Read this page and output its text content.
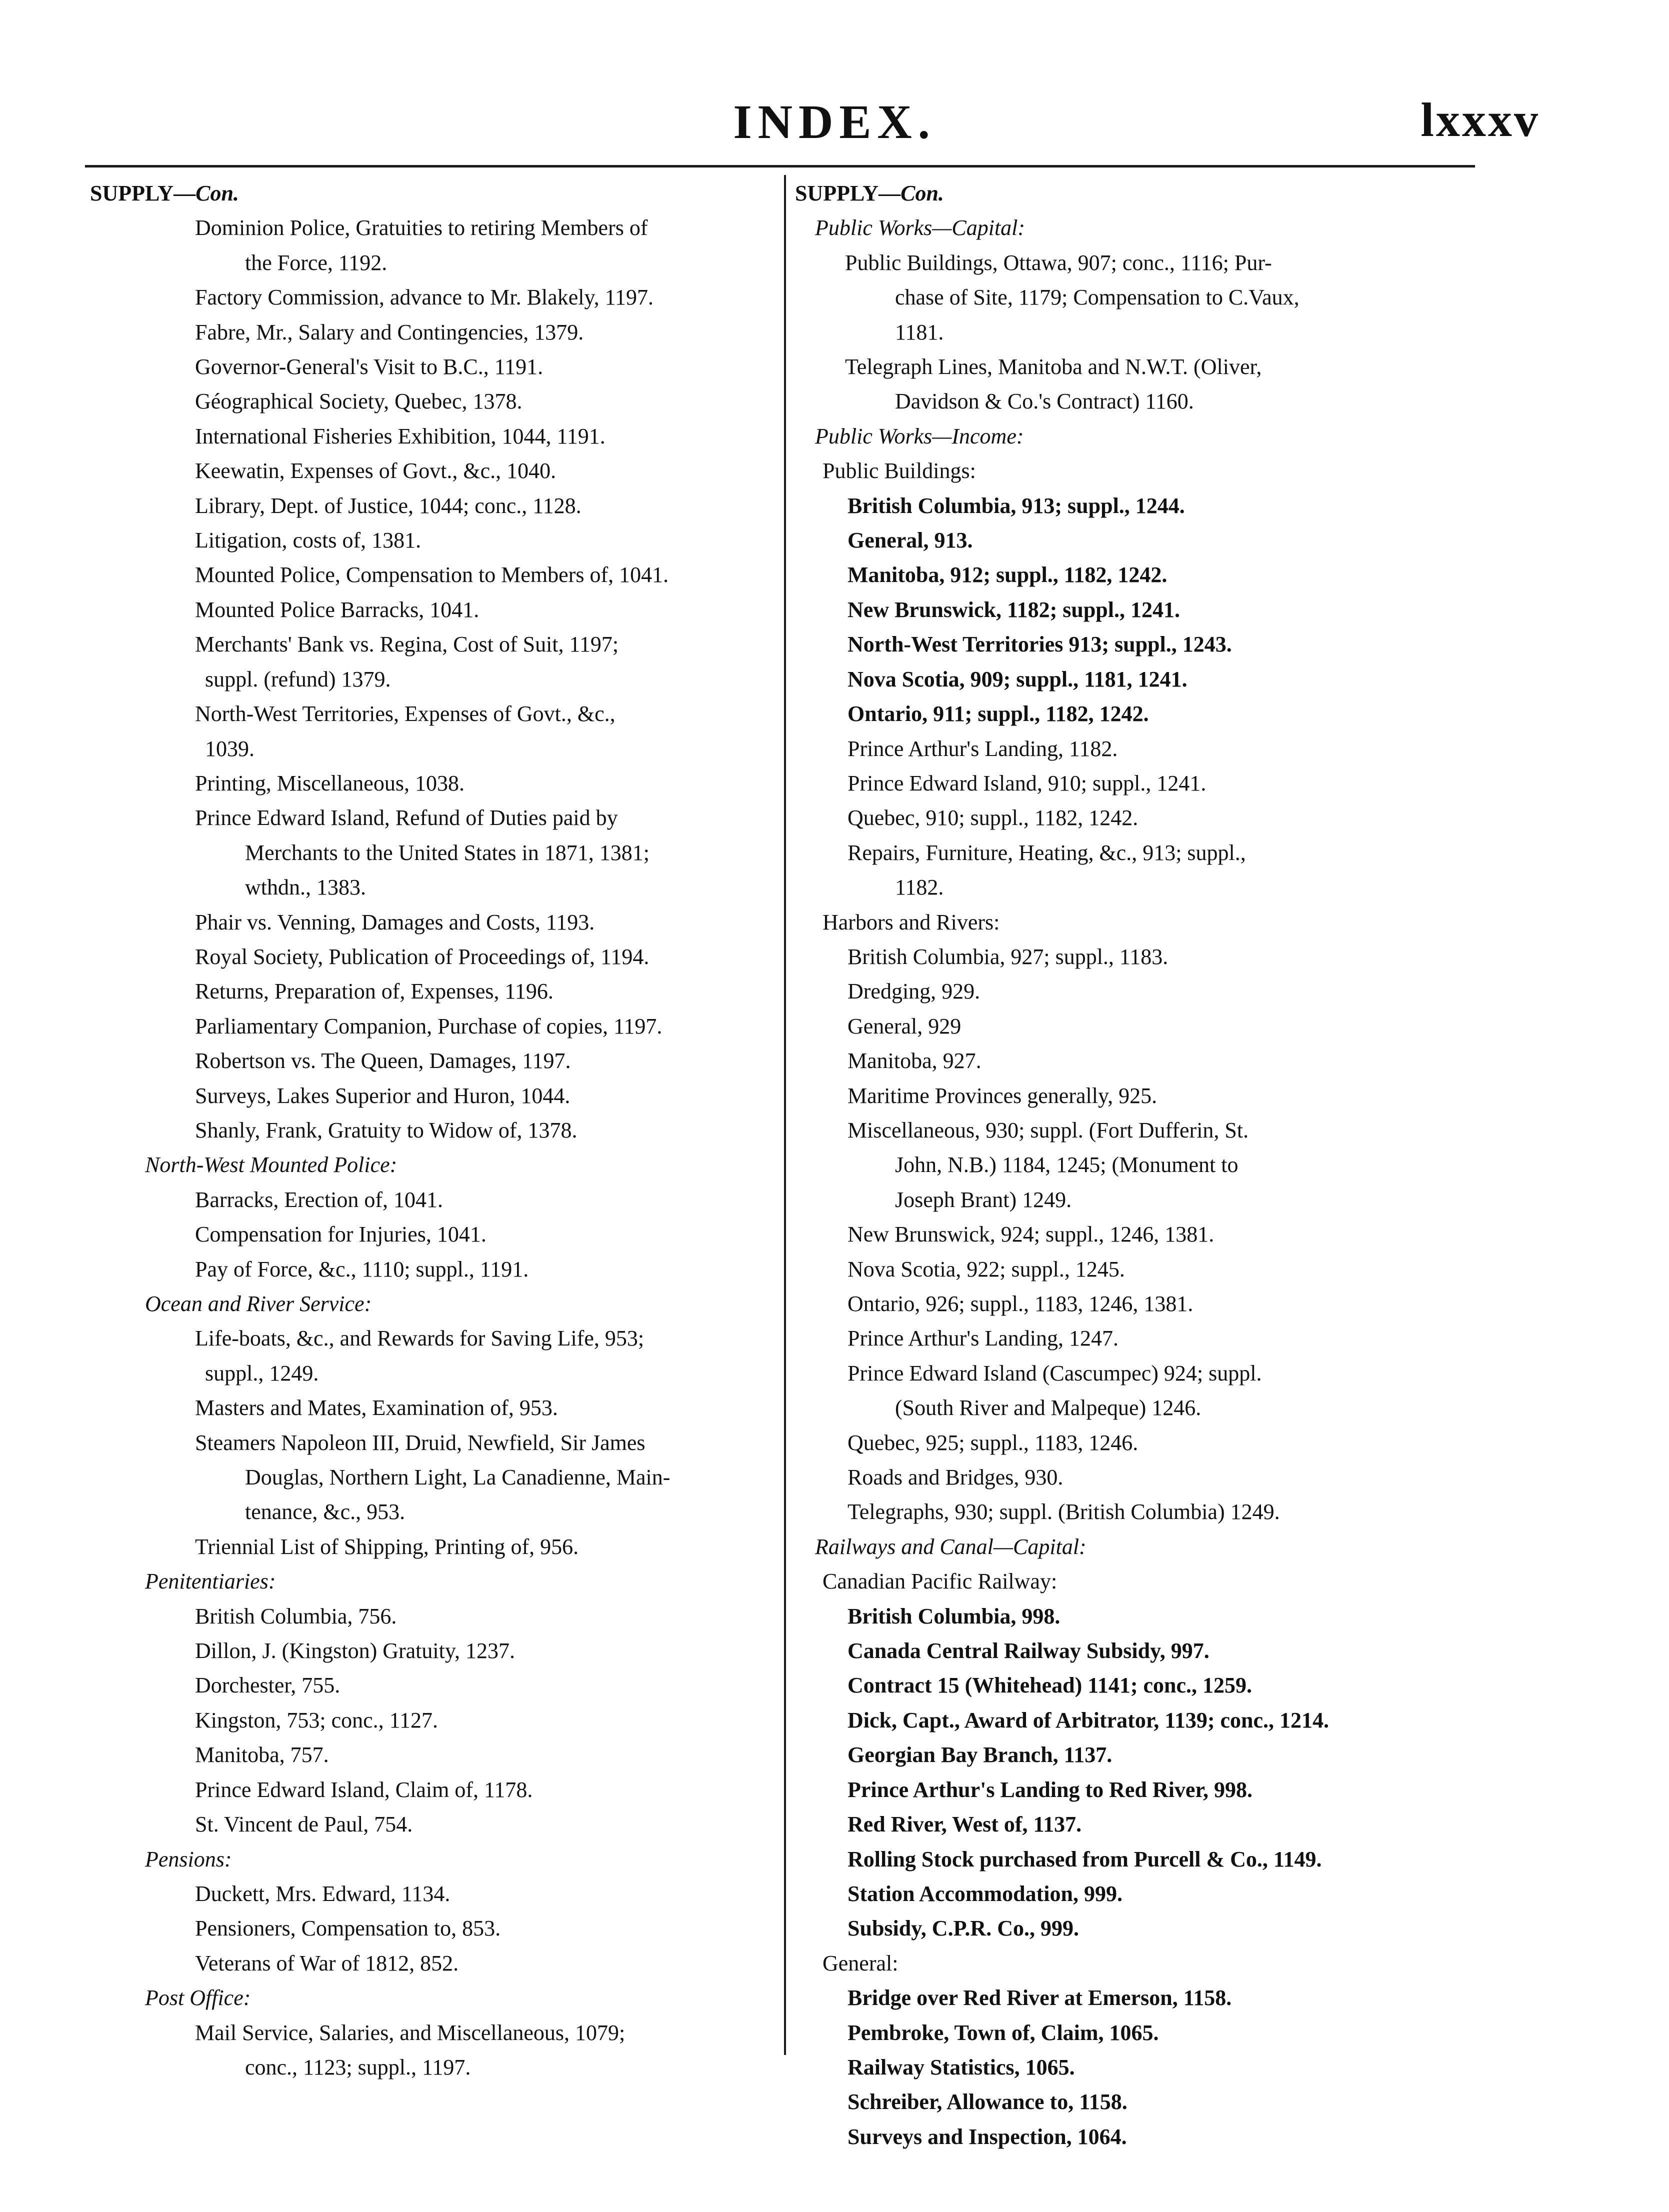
INDEX.	lxxxv
SUPPLY—Con.
Dominion Police, Gratuities to retiring Members of
the Force, 1192.
Factory Commission, advance to Mr. Blakely, 1197.
Fabre, Mr., Salary and Contingencies, 1379.
Governor-General's Visit to B.C., 1191.
Géographical Society, Quebec, 1378.
International Fisheries Exhibition, 1044, 1191.
Keewatin, Expenses of Govt., &c., 1040.
Library, Dept. of Justice, 1044; conc., 1128.
Litigation, costs of, 1381.
Mounted Police, Compensation to Members of, 1041.
Mounted Police Barracks, 1041.
Merchants' Bank vs. Regina, Cost of Suit, 1197;
suppl. (refund) 1379.
North-West Territories, Expenses of Govt., &c.,
1039.
Printing, Miscellaneous, 1038.
Prince Edward Island, Refund of Duties paid by
Merchants to the United States in 1871, 1381;
wthdn., 1383.
Phair vs. Venning, Damages and Costs, 1193.
Royal Society, Publication of Proceedings of, 1194.
Returns, Preparation of, Expenses, 1196.
Parliamentary Companion, Purchase of copies, 1197.
Robertson vs. The Queen, Damages, 1197.
Surveys, Lakes Superior and Huron, 1044.
Shanly, Frank, Gratuity to Widow of, 1378.
North-West Mounted Police:
Barracks, Erection of, 1041.
Compensation for Injuries, 1041.
Pay of Force, &c., 1110; suppl., 1191.
Ocean and River Service:
Life-boats, &c., and Rewards for Saving Life, 953;
suppl., 1249.
Masters and Mates, Examination of, 953.
Steamers Napoleon III, Druid, Newfield, Sir James
Douglas, Northern Light, La Canadienne, Main-
tenance, &c., 953.
Triennial List of Shipping, Printing of, 956.
Penitentiaries:
British Columbia, 756.
Dillon, J. (Kingston) Gratuity, 1237.
Dorchester, 755.
Kingston, 753; conc., 1127.
Manitoba, 757.
Prince Edward Island, Claim of, 1178.
St. Vincent de Paul, 754.
Pensions:
Duckett, Mrs. Edward, 1134.
Pensioners, Compensation to, 853.
Veterans of War of 1812, 852.
Post Office:
Mail Service, Salaries, and Miscellaneous, 1079;
conc., 1123; suppl., 1197.
SUPPLY—Con.
Public Works—Capital:
Public Buildings, Ottawa, 907; conc., 1116; Pur-
chase of Site, 1179; Compensation to C.Vaux,
1181.
Telegraph Lines, Manitoba and N.W.T. (Oliver,
Davidson & Co.'s Contract) 1160.
Public Works—Income:
Public Buildings:
British Columbia, 913; suppl., 1244.
General, 913.
Manitoba, 912; suppl., 1182, 1242.
New Brunswick, 1182; suppl., 1241.
North-West Territories 913; suppl., 1243.
Nova Scotia, 909; suppl., 1181, 1241.
Ontario, 911; suppl., 1182, 1242.
Prince Arthur's Landing, 1182.
Prince Edward Island, 910; suppl., 1241.
Quebec, 910; suppl., 1182, 1242.
Repairs, Furniture, Heating, &c., 913; suppl.,
1182.
Harbors and Rivers:
British Columbia, 927; suppl., 1183.
Dredging, 929.
General, 929
Manitoba, 927.
Maritime Provinces generally, 925.
Miscellaneous, 930; suppl. (Fort Dufferin, St.
John, N.B.) 1184, 1245; (Monument to
Joseph Brant) 1249.
New Brunswick, 924; suppl., 1246, 1381.
Nova Scotia, 922; suppl., 1245.
Ontario, 926; suppl., 1183, 1246, 1381.
Prince Arthur's Landing, 1247.
Prince Edward Island (Cascumpec) 924; suppl.
(South River and Malpeque) 1246.
Quebec, 925; suppl., 1183, 1246.
Roads and Bridges, 930.
Telegraphs, 930; suppl. (British Columbia) 1249.
Railways and Canal—Capital:
Canadian Pacific Railway:
British Columbia, 998.
Canada Central Railway Subsidy, 997.
Contract 15 (Whitehead) 1141; conc., 1259.
Dick, Capt., Award of Arbitrator, 1139; conc., 1214.
Georgian Bay Branch, 1137.
Prince Arthur's Landing to Red River, 998.
Red River, West of, 1137.
Rolling Stock purchased from Purcell & Co., 1149.
Station Accommodation, 999.
Subsidy, C.P.R. Co., 999.
General:
Bridge over Red River at Emerson, 1158.
Pembroke, Town of, Claim, 1065.
Railway Statistics, 1065.
Schreiber, Allowance to, 1158.
Surveys and Inspection, 1064.
